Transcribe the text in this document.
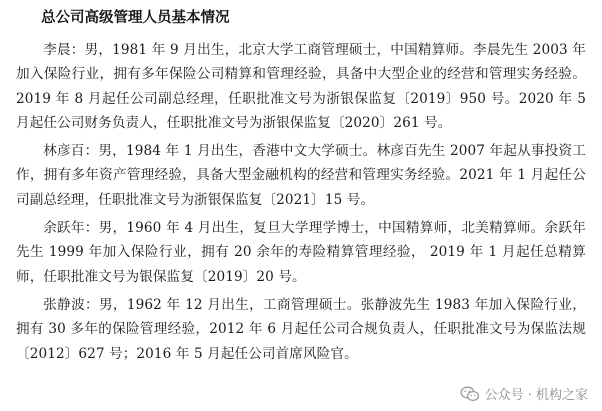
总公司高级管理人员基本情况

李晨：男，1981 年 9 月出生，北京大学工商管理硕士，中国精算师。李晨先生 2003 年加入保险行业，拥有多年保险公司精算和管理经验，具备中大型企业的经营和管理实务经验。2019 年 8 月起任公司副总经理，任职批准文号为浙银保监复〔2019〕950 号。2020 年 5 月起任公司财务负责人，任职批准文号为浙银保监复〔2020〕261 号。

林彦百：男，1984 年 1 月出生，香港中文大学硕士。林彦百先生 2007 年起从事投资工作，拥有多年资产管理经验，具备大型金融机构的经营和管理实务经验。2021 年 1 月起任公司副总经理，任职批准文号为浙银保监复〔2021〕15 号。

余跃年：男，1960 年 4 月出生，复旦大学理学博士，中国精算师，北美精算师。余跃年先生 1999 年加入保险行业，拥有 20 余年的寿险精算管理经验， 2019 年 1 月起任总精算师，任职批准文号为银保监复〔2019〕20 号。

张静波：男，1962 年 12 月出生，工商管理硕士。张静波先生 1983 年加入保险行业，拥有 30 多年的保险管理经验，2012 年 6 月起任公司合规负责人，任职批准文号为保监法规〔2012〕627 号；2016 年 5 月起任公司首席风险官。

公众号 · 机构之家
